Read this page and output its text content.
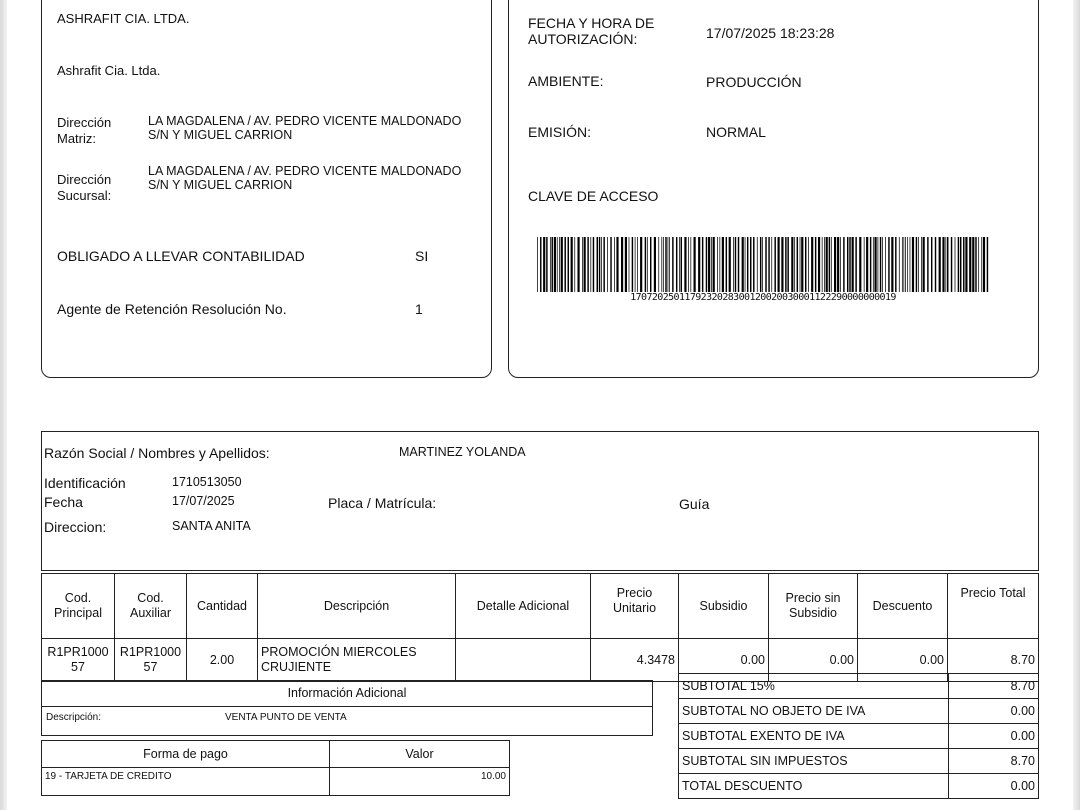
ASHRAFIT CIA. LTDA.
Ashrafit Cia. Ltda.
Dirección Matriz:
LA MAGDALENA / AV. PEDRO VICENTE MALDONADO S/N Y MIGUEL CARRION
Dirección Sucursal:
LA MAGDALENA / AV. PEDRO VICENTE MALDONADO S/N Y MIGUEL CARRION
OBLIGADO A LLEVAR CONTABILIDAD	SI
Agente de Retención Resolución No.	1
FECHA Y HORA DE AUTORIZACIÓN:	17/07/2025 18:23:28
AMBIENTE:	PRODUCCIÓN
EMISIÓN:	NORMAL
CLAVE DE ACCESO
1707202501179232028300120020030001122290000000019
Razón Social / Nombres y Apellidos:	MARTINEZ YOLANDA
Identificación	1710513050
Fecha	17/07/2025	Placa / Matrícula:	Guía
Direccion:	SANTA ANITA
Cod. Principal	Cod. Auxiliar	Cantidad	Descripción	Detalle Adicional	Precio Unitario	Subsidio	Precio sin Subsidio	Descuento	Precio Total
R1PR1000 57	R1PR1000 57	2.00	PROMOCIÓN MIERCOLES CRUJIENTE		4.3478	0.00	0.00	0.00	8.70
Información Adicional
Descripción:	VENTA PUNTO DE VENTA
Forma de pago	Valor
19 - TARJETA DE CREDITO	10.00
SUBTOTAL 15%	8.70
SUBTOTAL NO OBJETO DE IVA	0.00
SUBTOTAL EXENTO DE IVA	0.00
SUBTOTAL SIN IMPUESTOS	8.70
TOTAL DESCUENTO	0.00
